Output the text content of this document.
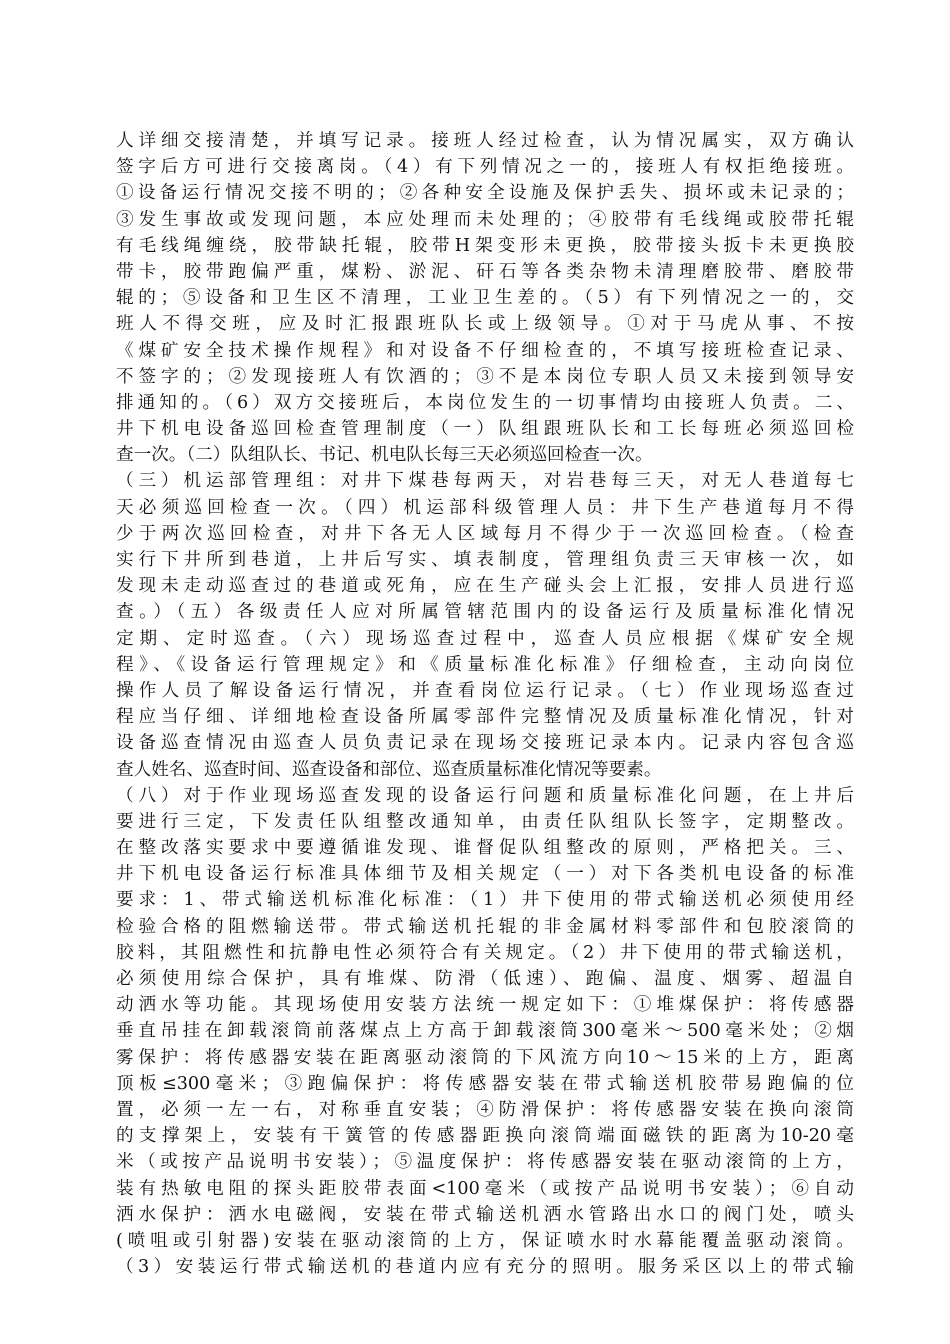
人详细交接清楚，并填写记录。接班人经过检查，认为情况属实，双方确认
签字后方可进行交接离岗。（4）有下列情况之一的，接班人有权拒绝接班。
①设备运行情况交接不明的；②各种安全设施及保护丢失、损坏或未记录的；
③发生事故或发现问题，本应处理而未处理的；④胶带有毛线绳或胶带托辊
有毛线绳缠绕，胶带缺托辊，胶带H架变形未更换，胶带接头扳卡未更换胶
带卡，胶带跑偏严重，煤粉、淤泥、矸石等各类杂物未清理磨胶带、磨胶带
辊的；⑤设备和卫生区不清理，工业卫生差的。（5）有下列情况之一的，交
班人不得交班，应及时汇报跟班队长或上级领导。①对于马虎从事、不按
《煤矿安全技术操作规程》和对设备不仔细检查的，不填写接班检查记录、
不签字的；②发现接班人有饮酒的；③不是本岗位专职人员又未接到领导安
排通知的。（6）双方交接班后，本岗位发生的一切事情均由接班人负责。二、
井下机电设备巡回检查管理制度（一）队组跟班队长和工长每班必须巡回检
查一次。（二）队组队长、书记、机电队长每三天必须巡回检查一次。
（三）机运部管理组：对井下煤巷每两天，对岩巷每三天，对无人巷道每七
天必须巡回检查一次。（四）机运部科级管理人员：井下生产巷道每月不得
少于两次巡回检查，对井下各无人区域每月不得少于一次巡回检查。（检查
实行下井所到巷道，上井后写实、填表制度，管理组负责三天审核一次，如
发现未走动巡查过的巷道或死角，应在生产碰头会上汇报，安排人员进行巡
查。）（五）各级责任人应对所属管辖范围内的设备运行及质量标准化情况
定期、定时巡查。（六）现场巡查过程中，巡查人员应根据《煤矿安全规
程》、《设备运行管理规定》和《质量标准化标准》仔细检查，主动向岗位
操作人员了解设备运行情况，并查看岗位运行记录。（七）作业现场巡查过
程应当仔细、详细地检查设备所属零部件完整情况及质量标准化情况，针对
设备巡查情况由巡查人员负责记录在现场交接班记录本内。记录内容包含巡
查人姓名、巡查时间、巡查设备和部位、巡查质量标准化情况等要素。
（八）对于作业现场巡查发现的设备运行问题和质量标准化问题，在上井后
要进行三定，下发责任队组整改通知单，由责任队组队长签字，定期整改。
在整改落实要求中要遵循谁发现、谁督促队组整改的原则，严格把关。三、
井下机电设备运行标准具体细节及相关规定（一）对下各类机电设备的标准
要求：1、带式输送机标准化标准：（1）井下使用的带式输送机必须使用经
检验合格的阻燃输送带。带式输送机托辊的非金属材料零部件和包胶滚筒的
胶料，其阻燃性和抗静电性必须符合有关规定。（2）井下使用的带式输送机，
必须使用综合保护，具有堆煤、防滑（低速）、跑偏、温度、烟雾、超温自
动洒水等功能。其现场使用安装方法统一规定如下：①堆煤保护：将传感器
垂直吊挂在卸载滚筒前落煤点上方高于卸载滚筒300毫米～500毫米处；②烟
雾保护：将传感器安装在距离驱动滚筒的下风流方向10～15米的上方，距离
顶板≤300毫米；③跑偏保护：将传感器安装在带式输送机胶带易跑偏的位
置，必须一左一右，对称垂直安装；④防滑保护：将传感器安装在换向滚筒
的支撑架上，安装有干簧管的传感器距换向滚筒端面磁铁的距离为10-20毫
米（或按产品说明书安装）；⑤温度保护：将传感器安装在驱动滚筒的上方，
装有热敏电阻的探头距胶带表面<100毫米（或按产品说明书安装）；⑥自动
洒水保护：洒水电磁阀，安装在带式输送机洒水管路出水口的阀门处，喷头
(喷咀或引射器)安装在驱动滚筒的上方，保证喷水时水幕能覆盖驱动滚筒。
（3）安装运行带式输送机的巷道内应有充分的照明。服务采区以上的带式输
